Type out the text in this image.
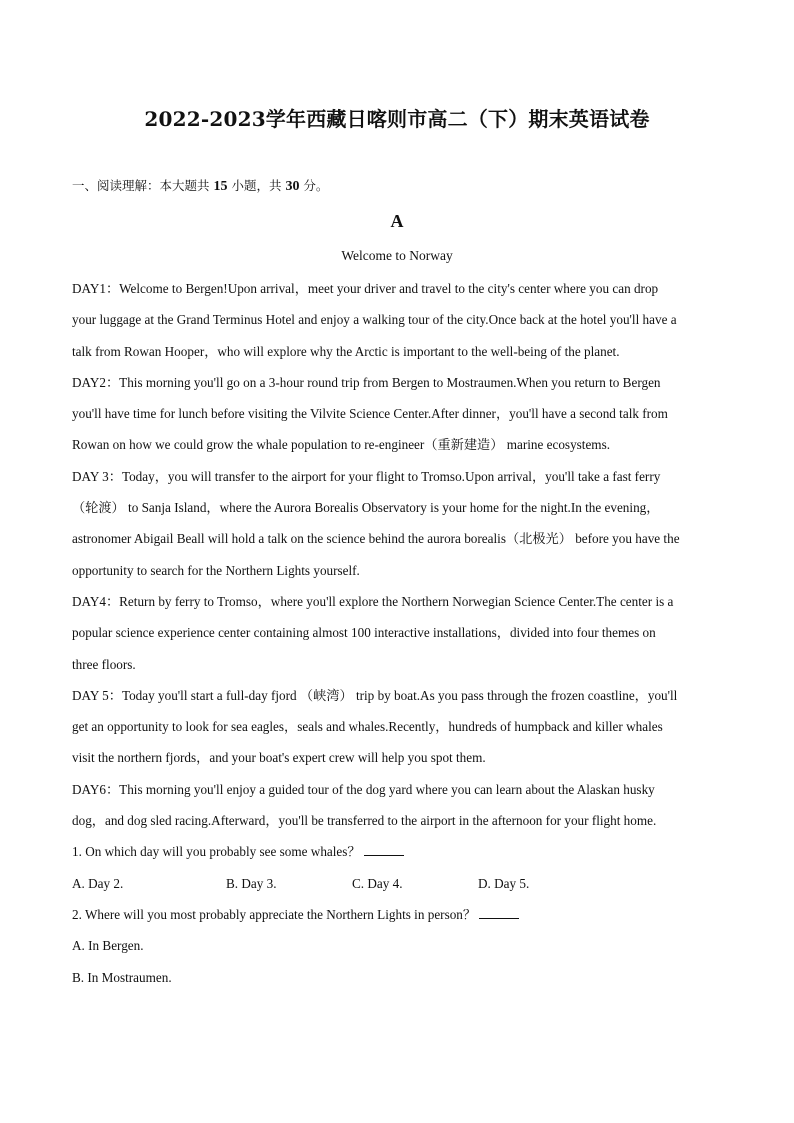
2022-2023学年西藏日喀则市高二（下）期末英语试卷
一、阅读理解：本大题共 15 小题，共 30 分。
A
Welcome to Norway

DAY1：Welcome to Bergen!Upon arrival，meet your driver and travel to the city's center where you can drop

your luggage at the Grand Terminus Hotel and enjoy a walking tour of the city.Once back at the hotel you'll have a

talk from Rowan Hooper，who will explore why the Arctic is important to the well-being of the planet.

DAY2：This morning you'll go on a 3-hour round trip from Bergen to Mostraumen.When you return to Bergen

you'll have time for lunch before visiting the Vilvite Science Center.After dinner，you'll have a second talk from

Rowan on how we could grow the whale population to re-engineer（重新建造） marine ecosystems.

DAY 3：Today，you will transfer to the airport for your flight to Tromso.Upon arrival，you'll take a fast ferry

（轮渡） to Sanja Island，where the Aurora Borealis Observatory is your home for the night.In the evening，

astronomer Abigail Beall will hold a talk on the science behind the aurora borealis（北极光） before you have the

opportunity to search for the Northern Lights yourself.

DAY4：Return by ferry to Tromso，where you'll explore the Northern Norwegian Science Center.The center is a

popular science experience center containing almost 100 interactive installations，divided into four themes on

three floors.

DAY 5：Today you'll start a full-day fjord （峡湾） trip by boat.As you pass through the frozen coastline，you'll

get an opportunity to look for sea eagles，seals and whales.Recently，hundreds of humpback and killer whales

visit the northern fjords，and your boat's expert crew will help you spot them.

DAY6：This morning you'll enjoy a guided tour of the dog yard where you can learn about the Alaskan husky

dog，and dog sled racing.Afterward，you'll be transferred to the airport in the afternoon for your flight home.

1. On which day will you probably see some whales？

A. Day 2.	B. Day 3.	C. Day 4.	D. Day 5.

2. Where will you most probably appreciate the Northern Lights in person？

A. In Bergen.

B. In Mostraumen.
